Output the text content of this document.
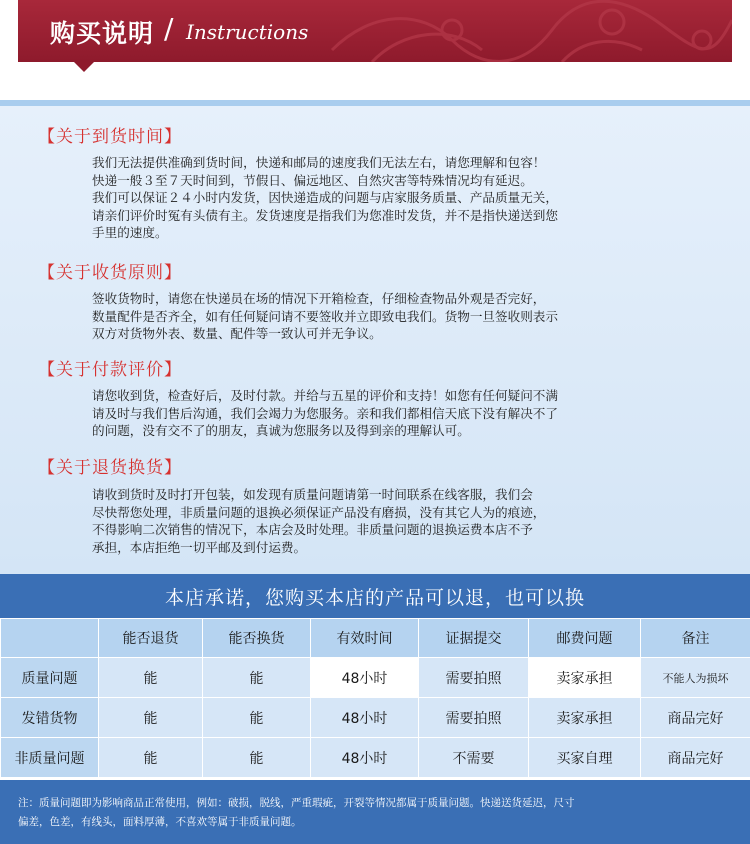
购买说明 / Instructions
【关于到货时间】

我们无法提供准确到货时间，快递和邮局的速度我们无法左右，请您理解和包容！

快递一般３至７天时间到，节假日、偏远地区、自然灾害等特殊情况均有延迟。

我们可以保证２４小时内发货，因快递造成的问题与店家服务质量、产品质量无关，

请亲们评价时冤有头债有主。发货速度是指我们为您准时发货，并不是指快递送到您

手里的速度。

【关于收货原则】

签收货物时，请您在快递员在场的情况下开箱检查，仔细检查物品外观是否完好，

数量配件是否齐全，如有任何疑问请不要签收并立即致电我们。货物一旦签收则表示

双方对货物外表、数量、配件等一致认可并无争议。

【关于付款评价】

请您收到货，检查好后，及时付款。并给与五星的评价和支持！如您有任何疑问不满

请及时与我们售后沟通，我们会竭力为您服务。亲和我们都相信天底下没有解决不了

的问题，没有交不了的朋友，真诚为您服务以及得到亲的理解认可。

【关于退货换货】

请收到货时及时打开包装，如发现有质量问题请第一时间联系在线客服，我们会

尽快帮您处理，非质量问题的退换必须保证产品没有磨损，没有其它人为的痕迹，

不得影响二次销售的情况下，本店会及时处理。非质量问题的退换运费本店不予

承担，本店拒绝一切平邮及到付运费。

本店承诺，您购买本店的产品可以退，也可以换
	能否退货	能否换货	有效时间	证据提交	邮费问题	备注
质量问题	能	能	48小时	需要拍照	卖家承担	不能人为损坏
发错货物	能	能	48小时	需要拍照	卖家承担	商品完好
非质量问题	能	能	48小时	不需要	买家自理	商品完好
注：质量问题即为影响商品正常使用，例如：破损，脱线，严重瑕疵，开裂等情况都属于质量问题。快递送货延迟，尺寸
偏差，色差，有线头，面料厚薄，不喜欢等属于非质量问题。
